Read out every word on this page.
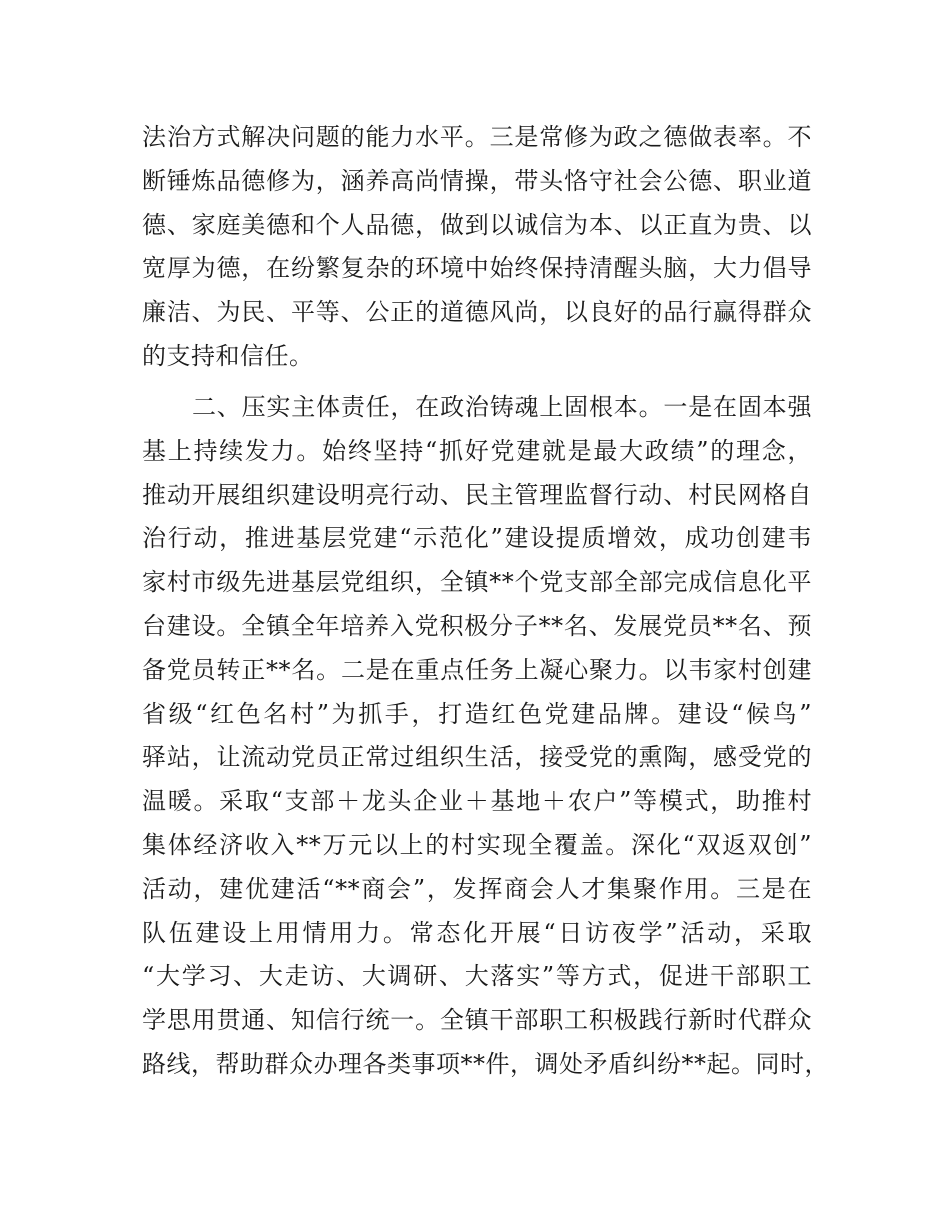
法治方式解决问题的能力水平。三是常修为政之德做表率。不
断锤炼品德修为，涵养高尚情操，带头恪守社会公德、职业道
德、家庭美德和个人品德，做到以诚信为本、以正直为贵、以
宽厚为德，在纷繁复杂的环境中始终保持清醒头脑，大力倡导
廉洁、为民、平等、公正的道德风尚，以良好的品行赢得群众
的支持和信任。
二、压实主体责任，在政治铸魂上固根本。一是在固本强
基上持续发力。始终坚持“抓好党建就是最大政绩”的理念，
推动开展组织建设明亮行动、民主管理监督行动、村民网格自
治行动，推进基层党建“示范化”建设提质增效，成功创建韦
家村市级先进基层党组织，全镇**个党支部全部完成信息化平
台建设。全镇全年培养入党积极分子**名、发展党员**名、预
备党员转正**名。二是在重点任务上凝心聚力。以韦家村创建
省级“红色名村”为抓手，打造红色党建品牌。建设“候鸟”
驿站，让流动党员正常过组织生活，接受党的熏陶，感受党的
温暖。采取“支部＋龙头企业＋基地＋农户”等模式，助推村
集体经济收入**万元以上的村实现全覆盖。深化“双返双创”
活动，建优建活“**商会”，发挥商会人才集聚作用。三是在
队伍建设上用情用力。常态化开展“日访夜学”活动，采取
“大学习、大走访、大调研、大落实”等方式，促进干部职工
学思用贯通、知信行统一。全镇干部职工积极践行新时代群众
路线，帮助群众办理各类事项**件，调处矛盾纠纷**起。同时，
